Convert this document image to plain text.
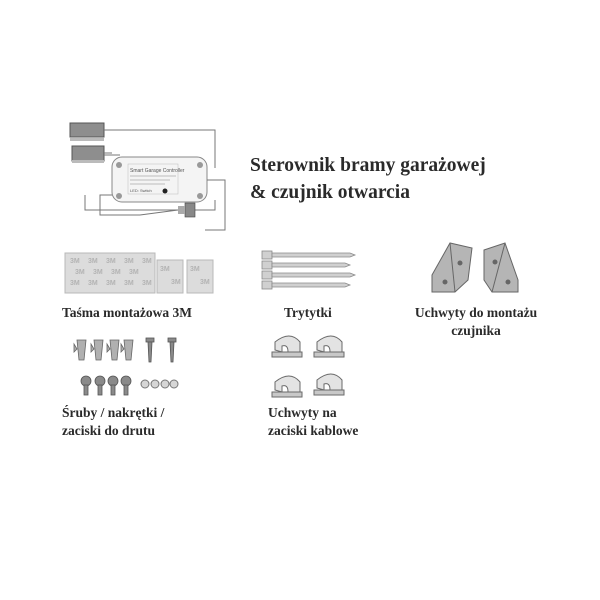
Sterownik bramy garażowej
& czujnik otwarcia
Smart Garage Controller
LED: Switch
3M 3M 3M 3M 3M
3M 3M 3M 3M
3M 3M 3M 3M 3M
3M
3M
3M
3M
Taśma montażowa 3M	Trytytki	Uchwyty do montażu
czujnika
Śruby / nakrętki /
zaciski do drutu
Uchwyty na
zaciski kablowe
